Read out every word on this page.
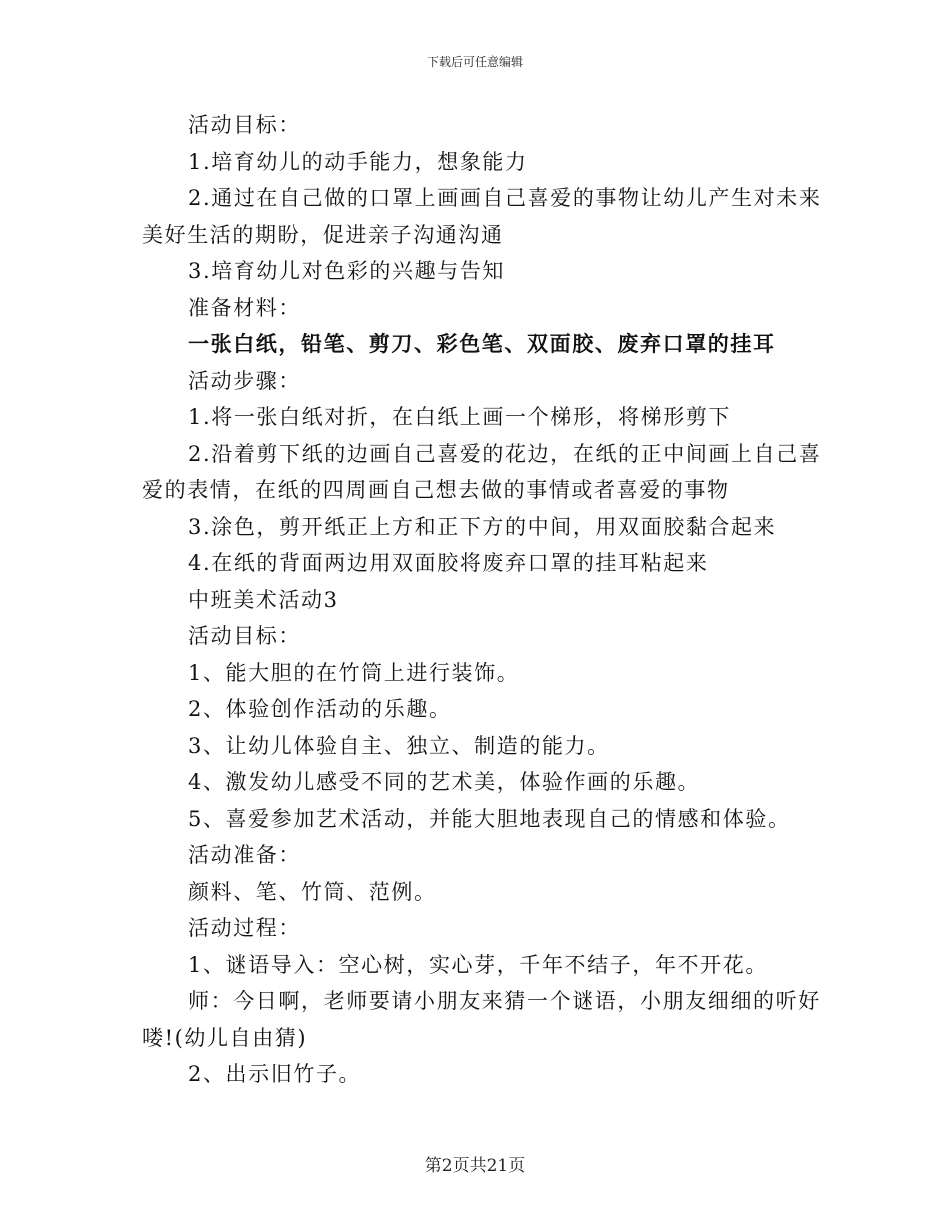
下载后可任意编辑
活动目标：
1.培育幼儿的动手能力，想象能力
2.通过在自己做的口罩上画画自己喜爱的事物让幼儿产生对未来
美好生活的期盼，促进亲子沟通沟通
3.培育幼儿对色彩的兴趣与告知
准备材料：
一张白纸，铅笔、剪刀、彩色笔、双面胶、废弃口罩的挂耳
活动步骤：
1.将一张白纸对折，在白纸上画一个梯形，将梯形剪下
2.沿着剪下纸的边画自己喜爱的花边，在纸的正中间画上自己喜
爱的表情，在纸的四周画自己想去做的事情或者喜爱的事物
3.涂色，剪开纸正上方和正下方的中间，用双面胶黏合起来
4.在纸的背面两边用双面胶将废弃口罩的挂耳粘起来
中班美术活动3
活动目标：
1、能大胆的在竹筒上进行装饰。
2、体验创作活动的乐趣。
3、让幼儿体验自主、独立、制造的能力。
4、激发幼儿感受不同的艺术美，体验作画的乐趣。
5、喜爱参加艺术活动，并能大胆地表现自己的情感和体验。
活动准备：
颜料、笔、竹筒、范例。
活动过程：
1、谜语导入：空心树，实心芽，千年不结子，年不开花。
师：今日啊，老师要请小朋友来猜一个谜语，小朋友细细的听好
喽!(幼儿自由猜)
2、出示旧竹子。
第2页共21页
